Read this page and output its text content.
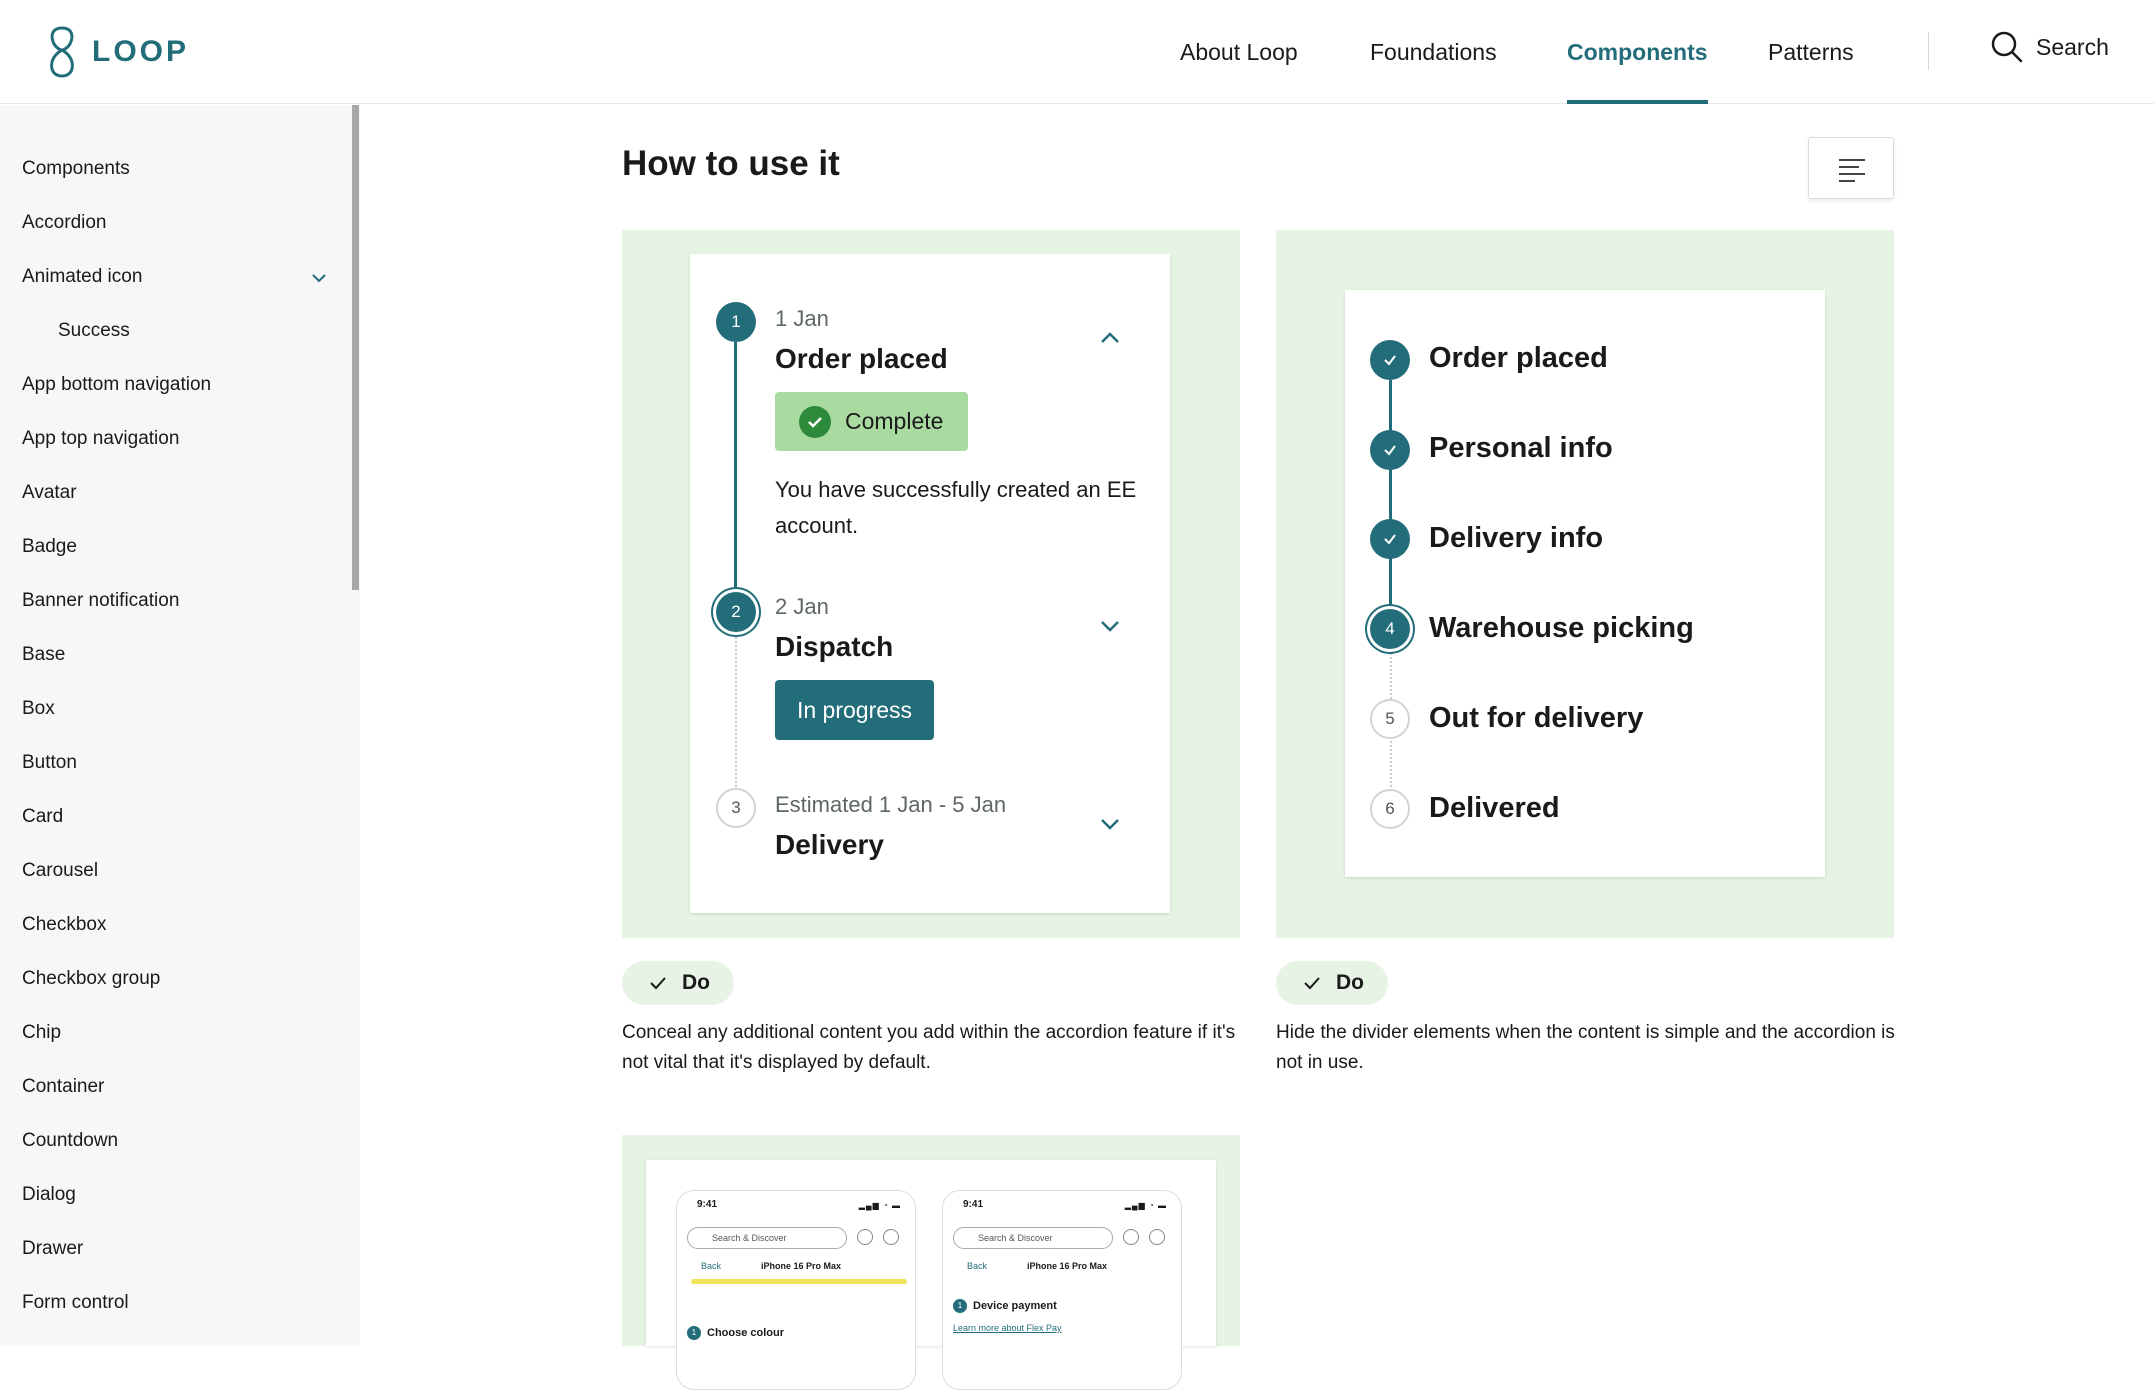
LOOP	About Loop	Foundations	Components	Patterns	Search
Components
Accordion
Animated icon
Success
App bottom navigation
App top navigation
Avatar
Badge
Banner notification
Base
Box
Button
Card
Carousel
Checkbox
Checkbox group
Chip
Container
Countdown
Dialog
Drawer
Form control
How to use it
1	1 Jan
Order placed
Complete

You have successfully created an EE account.

2	2 Jan
Dispatch
In progress
3	Estimated 1 Jan - 5 Jan
Delivery
Order placed
Personal info
Delivery info
4	Warehouse picking
5	Out for delivery
6	Delivered
Do

Conceal any additional content you add within the accordion feature if it's not vital that it's displayed by default.

Do

Hide the divider elements when the content is simple and the accordion is not in use.

9:41	▂▄▆ ◔ ▬
Search & Discover
Back	iPhone 16 Pro Max
1 Choose colour
9:41	▂▄▆ ◔ ▬
Search & Discover
Back	iPhone 16 Pro Max
1 Device payment
Learn more about Flex Pay
